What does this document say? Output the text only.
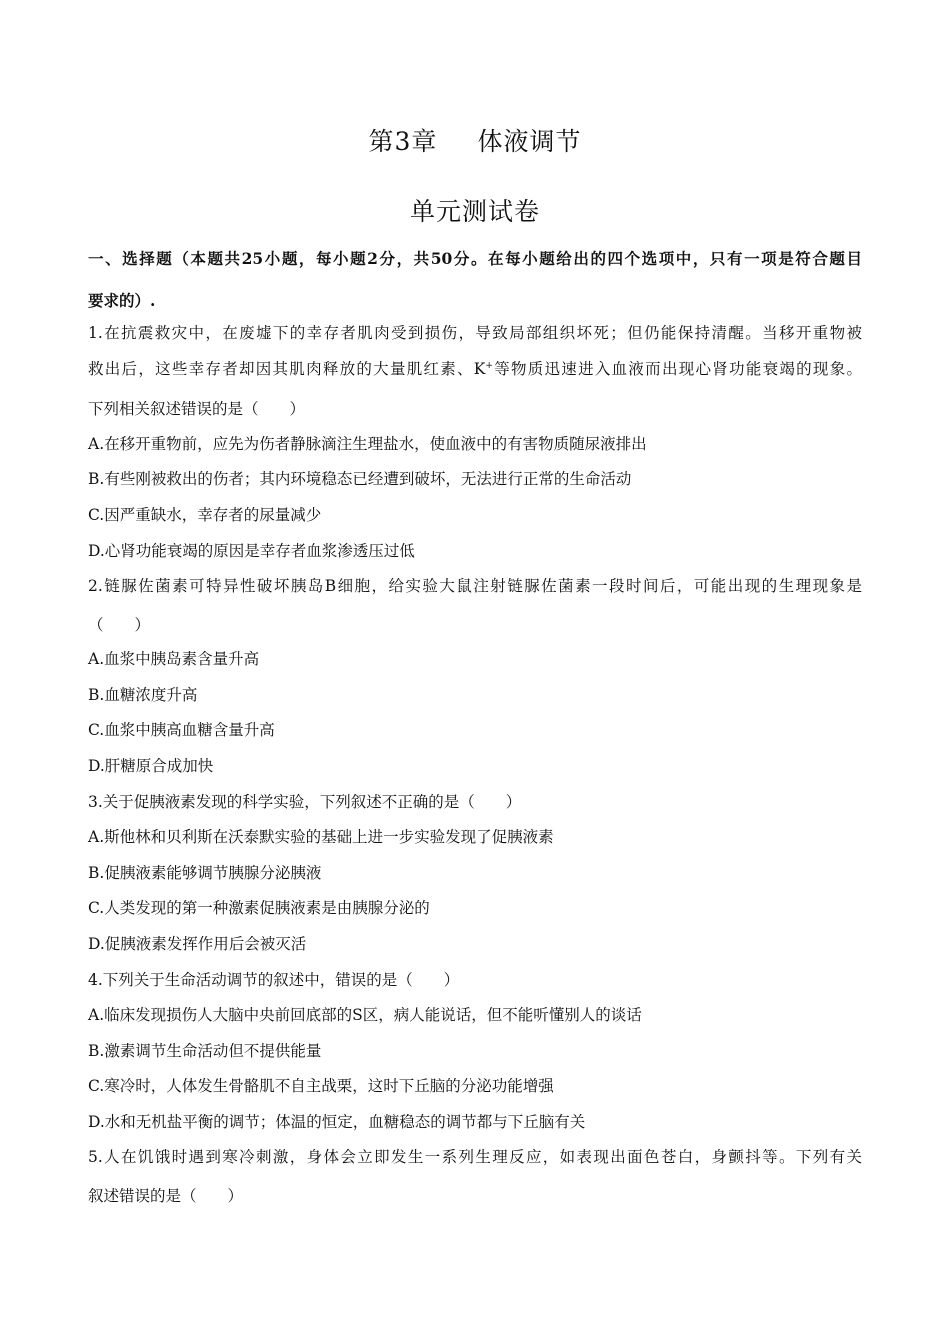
第3章 体液调节
单元测试卷
一、选择题（本题共25小题，每小题2分，共50分。在每小题给出的四个选项中，只有一项是符合题目
要求的）.
1.在抗震救灾中，在废墟下的幸存者肌肉受到损伤，导致局部组织坏死；但仍能保持清醒。当移开重物被
救出后，这些幸存者却因其肌肉释放的大量肌红素、K+等物质迅速进入血液而出现心肾功能衰竭的现象。
下列相关叙述错误的是（　　）
A.在移开重物前，应先为伤者静脉滴注生理盐水，使血液中的有害物质随尿液排出
B.有些刚被救出的伤者；其内环境稳态已经遭到破坏，无法进行正常的生命活动
C.因严重缺水，幸存者的尿量减少
D.心肾功能衰竭的原因是幸存者血浆渗透压过低
2.链脲佐菌素可特异性破坏胰岛B细胞，给实验大鼠注射链脲佐菌素一段时间后，可能出现的生理现象是
（　　）
A.血浆中胰岛素含量升高
B.血糖浓度升高
C.血浆中胰高血糖含量升高
D.肝糖原合成加快
3.关于促胰液素发现的科学实验，下列叙述不正确的是（　　）
A.斯他林和贝利斯在沃泰默实验的基础上进一步实验发现了促胰液素
B.促胰液素能够调节胰腺分泌胰液
C.人类发现的第一种激素促胰液素是由胰腺分泌的
D.促胰液素发挥作用后会被灭活
4.下列关于生命活动调节的叙述中，错误的是（　　）
A.临床发现损伤人大脑中央前回底部的S区，病人能说话，但不能听懂别人的谈话
B.激素调节生命活动但不提供能量
C.寒冷时，人体发生骨骼肌不自主战栗，这时下丘脑的分泌功能增强
D.水和无机盐平衡的调节；体温的恒定，血糖稳态的调节都与下丘脑有关
5.人在饥饿时遇到寒冷刺激，身体会立即发生一系列生理反应，如表现出面色苍白，身颤抖等。下列有关
叙述错误的是（　　）
